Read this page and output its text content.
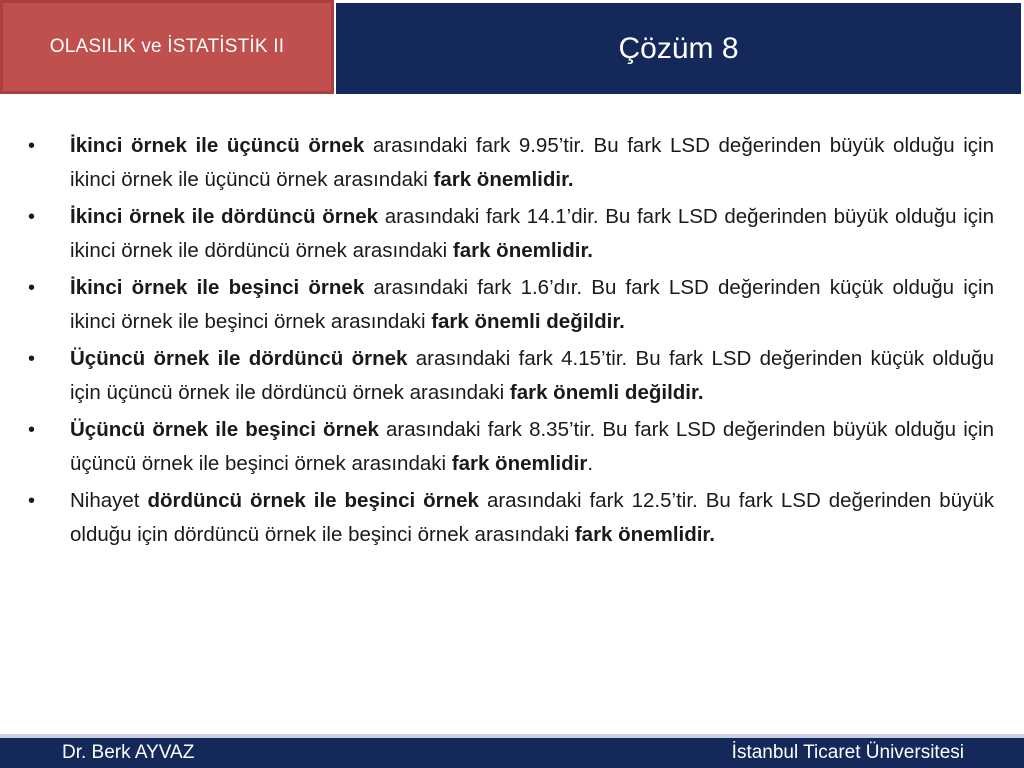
OLASILIK ve İSTATİSTİK II	Çözüm 8
•	İkinci örnek ile üçüncü örnek arasındaki fark 9.95’tir. Bu fark LSD değerinden büyük olduğu için ikinci örnek ile üçüncü örnek arasındaki fark önemlidir.
•	İkinci örnek ile dördüncü örnek arasındaki fark 14.1’dir. Bu fark LSD değerinden büyük olduğu için ikinci örnek ile dördüncü örnek arasındaki fark önemlidir.
•	İkinci örnek ile beşinci örnek arasındaki fark 1.6’dır. Bu fark LSD değerinden küçük olduğu için ikinci örnek ile beşinci örnek arasındaki fark önemli değildir.
•	Üçüncü örnek ile dördüncü örnek arasındaki fark 4.15’tir. Bu fark LSD değerinden küçük olduğu için üçüncü örnek ile dördüncü örnek arasındaki fark önemli değildir.
•	Üçüncü örnek ile beşinci örnek arasındaki fark 8.35’tir. Bu fark LSD değerinden büyük olduğu için üçüncü örnek ile beşinci örnek arasındaki fark önemlidir.
•	Nihayet dördüncü örnek ile beşinci örnek arasındaki fark 12.5’tir. Bu fark LSD değerinden büyük olduğu için dördüncü örnek ile beşinci örnek arasındaki fark önemlidir.
Dr. Berk AYVAZ	İstanbul Ticaret Üniversitesi
